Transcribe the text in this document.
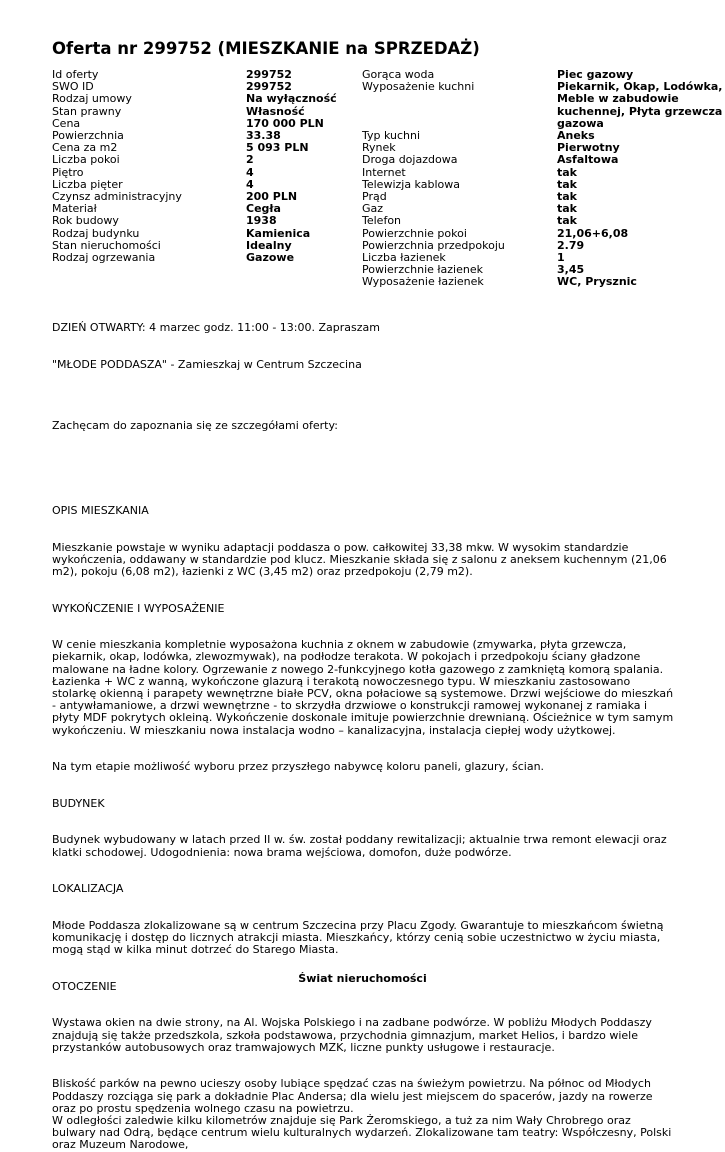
Oferta nr 299752 (MIESZKANIE na SPRZEDAŻ)
Id oferty	299752
SWO ID	299752
Rodzaj umowy	Na wyłączność
Stan prawny	Własność
Cena	170 000 PLN
Powierzchnia	33.38
Cena za m2	5 093 PLN
Liczba pokoi	2
Piętro	4
Liczba pięter	4
Czynsz administracyjny	200 PLN
Materiał	Cegła
Rok budowy	1938
Rodzaj budynku	Kamienica
Stan nieruchomości	Idealny
Rodzaj ogrzewania	Gazowe
Gorąca woda	Piec gazowy
Wyposażenie kuchni	Piekarnik, Okap, Lodówka,
Meble w zabudowie
kuchennej, Płyta grzewcza
gazowa
Typ kuchni	Aneks
Rynek	Pierwotny
Droga dojazdowa	Asfaltowa
Internet	tak
Telewizja kablowa	tak
Prąd	tak
Gaz	tak
Telefon	tak
Powierzchnie pokoi	21,06+6,08
Powierzchnia przedpokoju	2.79
Liczba łazienek	1
Powierzchnie łazienek	3,45
Wyposażenie łazienek	WC, Prysznic

DZIEŃ OTWARTY: 4 marzec godz. 11:00 - 13:00. Zapraszam

"MŁODE PODDASZA" - Zamieszkaj w Centrum Szczecina

Zachęcam do zapoznania się ze szczegółami oferty:

OPIS MIESZKANIA

Mieszkanie powstaje w wyniku adaptacji poddasza o pow. całkowitej 33,38 mkw. W wysokim standardzie wykończenia, oddawany w standardzie pod klucz. Mieszkanie składa się z salonu z aneksem kuchennym (21,06 m2), pokoju (6,08 m2), łazienki z WC (3,45 m2) oraz przedpokoju (2,79 m2).

WYKOŃCZENIE I WYPOSAŻENIE

W cenie mieszkania kompletnie wyposażona kuchnia z oknem w zabudowie (zmywarka, płyta grzewcza, piekarnik, okap, lodówka, zlewozmywak), na podłodze terakota. W pokojach i przedpokoju ściany gładzone malowane na ładne kolory. Ogrzewanie z nowego 2-funkcyjnego kotła gazowego z zamkniętą komorą spalania. Łazienka + WC z wanną, wykończone glazurą i terakotą nowoczesnego typu. W mieszkaniu zastosowano stolarkę okienną i parapety wewnętrzne białe PCV, okna połaciowe są systemowe. Drzwi wejściowe do mieszkań - antywłamaniowe, a drzwi wewnętrzne - to skrzydła drzwiowe o konstrukcji ramowej wykonanej z ramiaka i płyty MDF pokrytych okleiną. Wykończenie doskonale imituje powierzchnie drewnianą. Ościeżnice w tym samym wykończeniu. W mieszkaniu nowa instalacja wodno – kanalizacyjna, instalacja ciepłej wody użytkowej.

Na tym etapie możliwość wyboru przez przyszłego nabywcę koloru paneli, glazury, ścian.

BUDYNEK

Budynek wybudowany w latach przed II w. św. został poddany rewitalizacji; aktualnie trwa remont elewacji oraz klatki schodowej. Udogodnienia: nowa brama wejściowa, domofon, duże podwórze.

LOKALIZACJA

Młode Poddasza zlokalizowane są w centrum Szczecina przy Placu Zgody. Gwarantuje to mieszkańcom świetną komunikację i dostęp do licznych atrakcji miasta. Mieszkańcy, którzy cenią sobie uczestnictwo w życiu miasta, mogą stąd w kilka minut dotrzeć do Starego Miasta.

OTOCZENIE

Wystawa okien na dwie strony, na Al. Wojska Polskiego i na zadbane podwórze. W pobliżu Młodych Poddaszy znajdują się także przedszkola, szkoła podstawowa, przychodnia gimnazjum, market Helios, i bardzo wiele przystanków autobusowych oraz tramwajowych MZK, liczne punkty usługowe i restauracje.

Bliskość parków na pewno ucieszy osoby lubiące spędzać czas na świeżym powietrzu. Na północ od Młodych Poddaszy rozciąga się park a dokładnie Plac Andersa; dla wielu jest miejscem do spacerów, jazdy na rowerze oraz po prostu spędzenia wolnego czasu na powietrzu.

W odległości zaledwie kilku kilometrów znajduje się Park Żeromskiego, a tuż za nim Wały Chrobrego oraz bulwary nad Odrą, będące centrum wielu kulturalnych wydarzeń. Zlokalizowane tam teatry: Współczesny, Polski oraz Muzeum Narodowe,

Świat nieruchomości
